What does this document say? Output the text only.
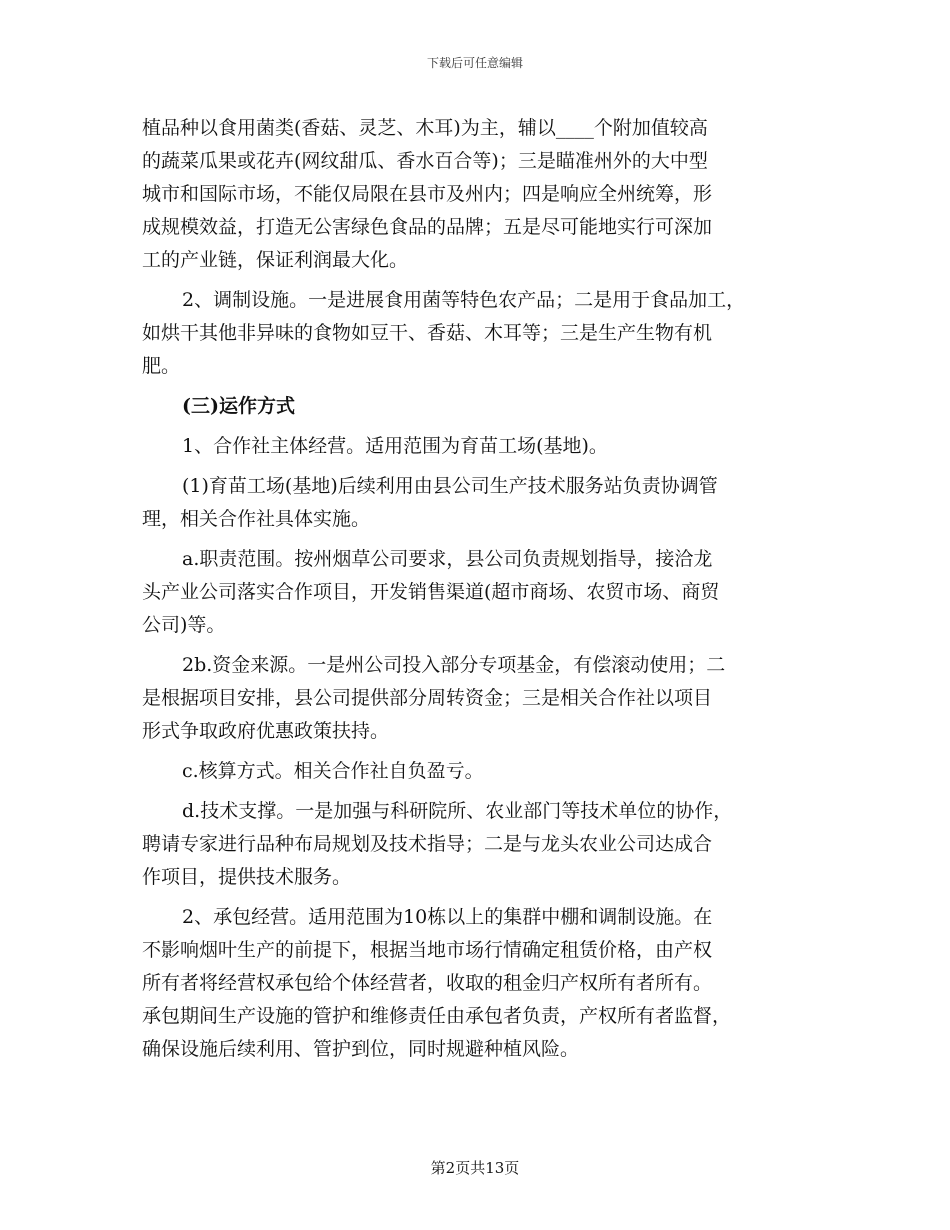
下载后可任意编辑
植品种以食用菌类(香菇、灵芝、木耳)为主，辅以____个附加值较高
的蔬菜瓜果或花卉(网纹甜瓜、香水百合等)；三是瞄准州外的大中型
城市和国际市场，不能仅局限在县市及州内；四是响应全州统筹，形
成规模效益，打造无公害绿色食品的品牌；五是尽可能地实行可深加
工的产业链，保证利润最大化。
2、调制设施。一是进展食用菌等特色农产品；二是用于食品加工，
如烘干其他非异味的食物如豆干、香菇、木耳等；三是生产生物有机
肥。
(三)运作方式
1、合作社主体经营。适用范围为育苗工场(基地)。
(1)育苗工场(基地)后续利用由县公司生产技术服务站负责协调管
理，相关合作社具体实施。
a.职责范围。按州烟草公司要求，县公司负责规划指导，接洽龙
头产业公司落实合作项目，开发销售渠道(超市商场、农贸市场、商贸
公司)等。
2b.资金来源。一是州公司投入部分专项基金，有偿滚动使用；二
是根据项目安排，县公司提供部分周转资金；三是相关合作社以项目
形式争取政府优惠政策扶持。
c.核算方式。相关合作社自负盈亏。
d.技术支撑。一是加强与科研院所、农业部门等技术单位的协作，
聘请专家进行品种布局规划及技术指导；二是与龙头农业公司达成合
作项目，提供技术服务。
2、承包经营。适用范围为10栋以上的集群中棚和调制设施。在
不影响烟叶生产的前提下，根据当地市场行情确定租赁价格，由产权
所有者将经营权承包给个体经营者，收取的租金归产权所有者所有。
承包期间生产设施的管护和维修责任由承包者负责，产权所有者监督，
确保设施后续利用、管护到位，同时规避种植风险。
第2页共13页
